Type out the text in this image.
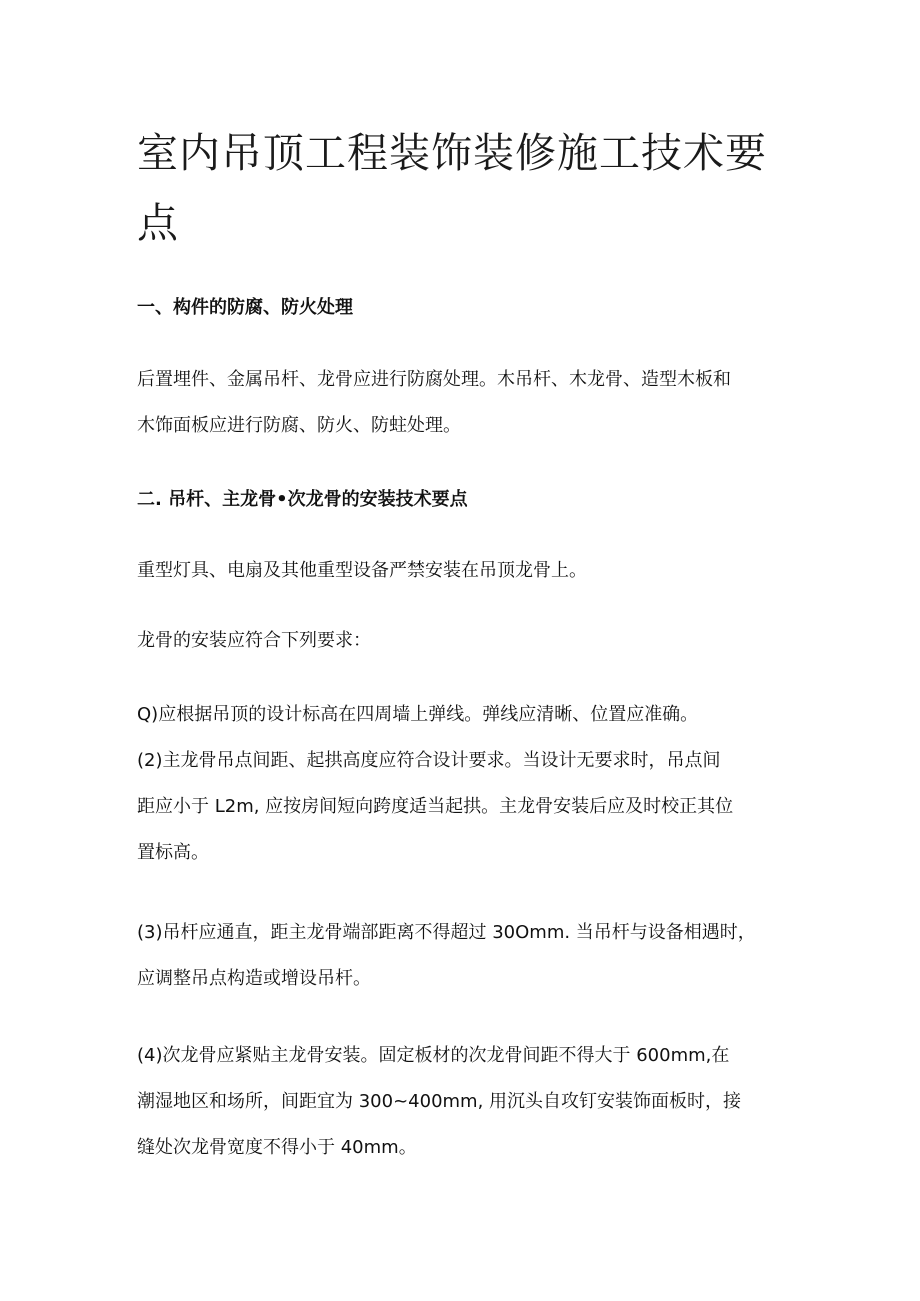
室内吊顶工程装饰装修施工技术要点
一、构件的防腐、防火处理

后置埋件、金属吊杆、龙骨应进行防腐处理。木吊杆、木龙骨、造型木板和
木饰面板应进行防腐、防火、防蛀处理。

二. 吊杆、主龙骨•次龙骨的安装技术要点

重型灯具、电扇及其他重型设备严禁安装在吊顶龙骨上。

龙骨的安装应符合下列要求：

Q)应根据吊顶的设计标高在四周墙上弹线。弹线应清晰、位置应准确。

(2)主龙骨吊点间距、起拱高度应符合设计要求。当设计无要求时，吊点间
距应小于 L2m, 应按房间短向跨度适当起拱。主龙骨安装后应及时校正其位
置标高。

(3)吊杆应通直，距主龙骨端部距离不得超过 30Omm. 当吊杆与设备相遇时，
应调整吊点构造或增设吊杆。

(4)次龙骨应紧贴主龙骨安装。固定板材的次龙骨间距不得大于 600mm,在
潮湿地区和场所，间距宜为 300~400mm, 用沉头自攻钉安装饰面板时，接
缝处次龙骨宽度不得小于 40mm。
